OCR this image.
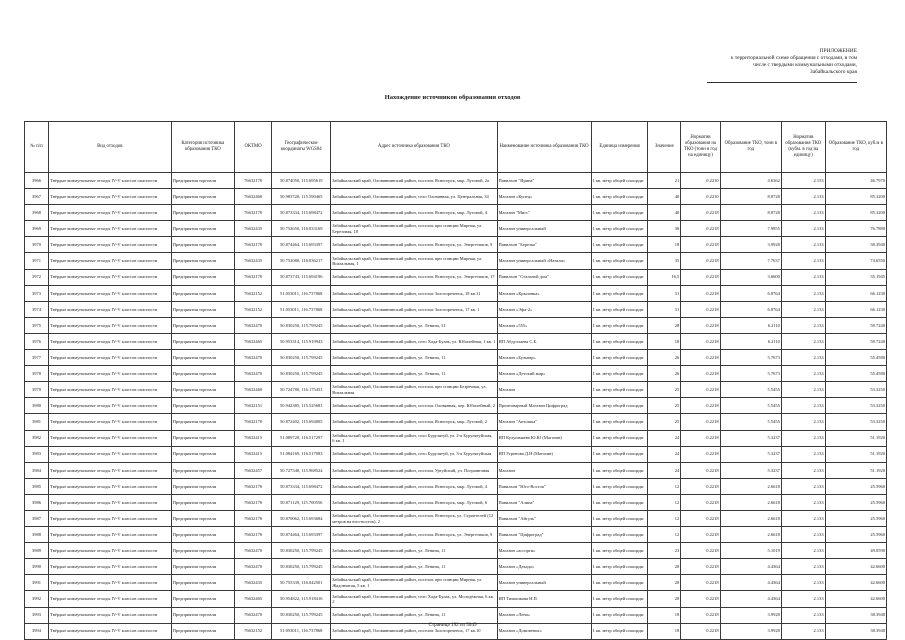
ПРИЛОЖЕНИЕ
к территориальной схеме обращения с отходами, в том
числе с твердыми коммунальными отходами,
Забайкальского края
Нахождение источников образования отходов
№ п/п	Вид отходов	Категория источника образования ТКО	ОКТМО	Географические координаты WGS84	Адрес источника образования ТКО	Наименование источника образования ТКО	Единица измерения	Значение	Норматив образования на ТКО (тонн в год на единицу)	Образование ТКО, тонн в год	Норматив образования ТКО (кубм. в год на единицу)	Образование ТКО, куб.м в год
3966	Твёрдые коммунальные отходы IV-V классов опасности	Предприятия торговли	76632170	50.874050, 115.695619	Забайкальский край, Оловяннинский район, поселок Ясногорск, мкр. Луговой, 2а	Павильон "Ирина"	1 кв. метр общей площади	21	0.2210	4.6362	2.153	46.7970
3967	Твёрдые коммунальные отходы IV-V классов опасности	Предприятия торговли	76632460	50.983720, 115.590465	Забайкальский край, Оловяннинский район, село Оловянная, ул. Центральная, 34	Магазин «Купец»	1 кв. метр общей площади	40	0.2210	8.8728	2.133	85.3200
3968	Твёрдые коммунальные отходы IV-V классов опасности	Предприятия торговли	76632170	50.873334, 115.698472	Забайкальский край, Оловяннинский район, поселок Ясногорск, мкр. Луговой, 4	Магазин "Мисс"	1 кв. метр общей площади	40	0.2218	8.8728	2.133	85.3200
3969	Твёрдые коммунальные отходы IV-V классов опасности	Предприятия торговли	76632435	50.752650, 116.033169	Забайкальский край, Оловяннинский район, поселок при станции Мирная, ул. Березовая, 18	Магазин универсальный	1 кв. метр общей площади	36	0.2218	7.9855	2.133	76.7880
3970	Твёрдые коммунальные отходы IV-V классов опасности	Предприятия торговли	76632170	50.874464, 115.693397	Забайкальский край, Оловяннинский район, поселок Ясногорск, ул. Энергетиков, 9	Павильон "Березка"	1 кв. метр общей площади	18	0.2218	3.9928	2.133	38.3940
3971	Твёрдые коммунальные отходы IV-V классов опасности	Предприятия торговли	76632435	50.752080, 116.036217	Забайкальский край, Оловяннинский район, поселок при станции Мирная, ул. Вокзальная, 1	Магазин универсальный «Натали»	1 кв. метр общей площади	35	0.2218	7.7637	2.133	74.6550
3972	Твёрдые коммунальные отходы IV-V классов опасности	Предприятия торговли	76632170	50.873743, 115.694196	Забайкальский край, Оловяннинский район, поселок Ясногорск, ул. Энергетиков, 17	Павильон "Стальной дом"	1 кв. метр общей площади	16,5	0.2218	3.6600	2.133	35.1945
3973	Твёрдые коммунальные отходы IV-V классов опасности	Предприятия торговли	76632152	51.053011, 116.737868	Забайкальский край, Оловяннинский район, поселок Золотореченск, 18 кв.11	Магазин «Крыловка»	1 кв. метр общей площади	31	0.2218	6.8764	2.133	66.1230
3974	Твёрдые коммунальные отходы IV-V классов опасности	Предприятия торговли	76632152	51.053011, 116.737868	Забайкальский край, Оловяннинский район, поселок Золотореченск, 17 кв. 1	Магазин «Эфа-2»	1 кв. метр общей площади	31	0.2218	6.8764	2.133	66.1230
3975	Твёрдые коммунальные отходы IV-V классов опасности	Предприятия торговли	76632470	50.830250, 115.799245	Забайкальский край, Оловяннинский район, ул. Ленина, 31	Магазин «555»	1 кв. метр общей площади	28	0.2218	6.2110	2.133	59.7240
3976	Твёрдые коммунальные отходы IV-V классов опасности	Предприятия торговли	76632465	50.953314, 115.919943	Забайкальский край, Оловяннинский район, село Хада-Булак, ул. Юбилейная, 1 кв. 1	ИП Абдуллаева С.Б.	1 кв. метр общей площади	18	0.2218	6.2110	2.133	59.7240
3977	Твёрдые коммунальные отходы IV-V классов опасности	Предприятия торговли	76632470	50.830250, 115.799245	Забайкальский край, Оловяннинский район, ул. Ленина, 11	Магазин «Бульвар»	1 кв. метр общей площади	26	0.2218	5.7673	2.133	55.4580
3978	Твёрдые коммунальные отходы IV-V классов опасности	Предприятия торговли	76632470	50.830250, 115.799245	Забайкальский край, Оловяннинский район, ул. Ленина, 11	Магазин «Детский мир»	1 кв. метр общей площади	26	0.2218	5.7673	2.133	55.4580
3979	Твёрдые коммунальные отходы IV-V классов опасности	Предприятия торговли	76632460	50.724780, 116.175451	Забайкальский край, Оловяннинский район, поселок при станции Безречная, ул. Вокзальная	Магазин	1 кв. метр общей площади	25	0.2218	5.5455	2.133	53.3250
3980	Твёрдые коммунальные отходы IV-V классов опасности	Предприятия торговли	76632151	50.942385, 115.525681	Забайкальский край, Оловяннинский район, поселок Оловянная, пер. Юбилейный, 2	Промтоварный Магазин Цифроград	1 кв. метр общей площади	25	0.2218	5.5455	2.133	53.3250
3981	Твёрдые коммунальные отходы IV-V классов опасности	Предприятия торговли	76632170	50.872402, 115.694005	Забайкальский край, Оловяннинский район, поселок Ясногорск, мкр. Луговой, 2	Магазин "Антошка"	1 кв. метр общей площади	25	0.2218	5.5455	2.133	53.3250
3982	Твёрдые коммунальные отходы IV-V классов опасности	Предприятия торговли	76632415	51.089720, 116.517297	Забайкальский край, Оловяннинский район, село Бурулятуй, ул. 2-я Бурулятуйская, 6 кв. 1	ИП Кулушмяева Ю.Ю (Магазин)	1 кв. метр общей площади	24	0.2218	5.3237	2.133	51.1920
3983	Твёрдые коммунальные отходы IV-V классов опасности	Предприятия торговли	76632415	51.084169, 116.517083	Забайкальский край, Оловяннинский район, село Бурулятуй, ул. 3-я Бурулятуйская	ИП Угренова Д.Н (Магазин)	1 кв. метр общей площади	24	0.2218	5.3237	2.133	51.1920
3984	Твёрдые коммунальные отходы IV-V классов опасности	Предприятия торговли	76632457	50.727540, 115.968524	Забайкальский край, Оловяннинский район, поселок Уртуйский, ул. Пограничная	Магазин	1 кв. метр общей площади	24	0.2218	5.3237	2.133	51.1920
3985	Твёрдые коммунальные отходы IV-V классов опасности	Предприятия торговли	76632170	50.873334, 115.698472	Забайкальский край, Оловяннинский район, поселок Ясногорск, мкр. Луговой, 4	Павильон "Юго-Восток"	1 кв. метр общей площади	12	0.2218	2.6618	2.133	25.5960
3986	Твёрдые коммунальные отходы IV-V классов опасности	Предприятия торговли	76632170	50.871129, 115.700556	Забайкальский край, Оловяннинский район, поселок Ясногорск, мкр. Луговой, 6	Павильон "Алина"	1 кв. метр общей площади	12	0.2218	2.6618	2.133	25.5960
3987	Твёрдые коммунальные отходы IV-V классов опасности	Предприятия торговли	76632170	50.870062, 115.693684	Забайкальский край, Оловяннинский район, поселок Ясногорск, ул. Строителей (12 метров на юго-восток), 2	Павильон "Айгуль"	1 кв. метр общей площади	12	0.2218	2.6618	2.133	25.5960
3988	Твёрдые коммунальные отходы IV-V классов опасности	Предприятия торговли	76632170	50.874464, 115.693397	Забайкальский край, Оловяннинский район, поселок Ясногорск, ул. Энергетиков, 9	Павильон "Цифроград"	1 кв. метр общей площади	12	0.2218	2.6618	2.133	25.5960
3989	Твёрдые коммунальные отходы IV-V классов опасности	Предприятия торговли	76632470	50.830250, 115.799245	Забайкальский край, Оловяннинский район, ул. Ленина, 11	Магазин «ассорти»	1 кв. метр общей площади	23	0.2218	5.1019	2.133	49.0590
3990	Твёрдые коммунальные отходы IV-V классов опасности	Предприятия торговли	76632470	50.830250, 115.799245	Забайкальский край, Оловяннинский район, ул. Ленина, 11	Магазин «Декадо»	1 кв. метр общей площади	20	0.2218	4.4364	2.133	42.6600
3991	Твёрдые коммунальные отходы IV-V классов опасности	Предприятия торговли	76632435	50.755339, 116.042501	Забайкальский край, Оловяннинский район, поселок при станции Мирная, ул. Жадовчатая, 5 кв. 1	Магазин универсальный	1 кв. метр общей площади	20	0.2218	4.4364	2.133	42.6600
3992	Твёрдые коммунальные отходы IV-V классов опасности	Предприятия торговли	76632465	50.954822, 115.918416	Забайкальский край, Оловяннинский район, село Хада-Булак, ул. Молодёжная, 6 кв. 2	ИП Тимошкова Н.П.	1 кв. метр общей площади	20	0.2218	4.4364	2.133	42.6600
3993	Твёрдые коммунальные отходы IV-V классов опасности	Предприятия торговли	76632470	50.830250, 115.799245	Забайкальский край, Оловяннинский район, ул. Ленина, 11	Магазин «Лена»	1 кв. метр общей площади	18	0.2218	3.9928	2.133	38.3940
3994	Твёрдые коммунальные отходы IV-V классов опасности	Предприятия торговли	76632152	51.053011, 116.737868	Забайкальский край, Оловяннинский район, поселок Золотореченск, 17 кв.10	Магазин «Домовенок»	1 кв. метр общей площади	18	0.2218	3.9928	2.133	38.3940
Страница 192 из 5049
